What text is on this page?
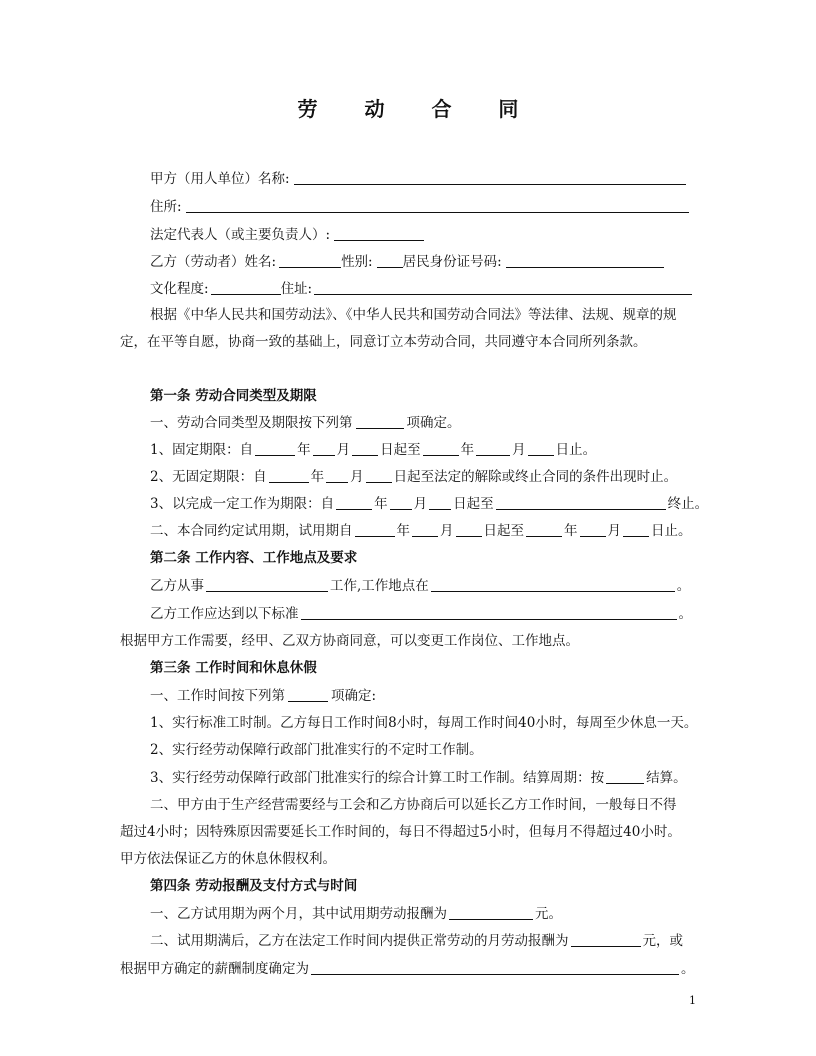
劳 动 合 同
甲方（用人单位）名称:
住所:
法定代表人（或主要负责人）:
乙方（劳动者）姓名:	性别: 居民身份证号码:
文化程度:	住址:
根据《中华人民共和国劳动法》、《中华人民共和国劳动合同法》等法律、法规、规章的规
定，在平等自愿，协商一致的基础上，同意订立本劳动合同，共同遵守本合同所列条款。
第一条 劳动合同类型及期限
一、劳动合同类型及期限按下列第	项确定。
1、固定期限：自	年 月 日起至	年	月 日止。
2、无固定期限：自	年 月 日起至法定的解除或终止合同的条件出现时止。
3、以完成一定工作为期限：自	年 月 日起至	终止。
二、本合同约定试用期，试用期自	年 月 日起至	年 月 日止。
第二条 工作内容、工作地点及要求
乙方从事	工作,工作地点在	。
乙方工作应达到以下标准	。
根据甲方工作需要，经甲、乙双方协商同意，可以变更工作岗位、工作地点。
第三条 工作时间和休息休假
一、工作时间按下列第	项确定:
1、实行标准工时制。乙方每日工作时间8小时，每周工作时间40小时，每周至少休息一天。
2、实行经劳动保障行政部门批准实行的不定时工作制。
3、实行经劳动保障行政部门批准实行的综合计算工时工作制。结算周期：按	结算。
二、甲方由于生产经营需要经与工会和乙方协商后可以延长乙方工作时间，一般每日不得
超过4小时；因特殊原因需要延长工作时间的，每日不得超过5小时，但每月不得超过40小时。
甲方依法保证乙方的休息休假权利。
第四条 劳动报酬及支付方式与时间
一、乙方试用期为两个月，其中试用期劳动报酬为	元。
二、试用期满后，乙方在法定工作时间内提供正常劳动的月劳动报酬为	元，或
根据甲方确定的薪酬制度确定为	。
1
